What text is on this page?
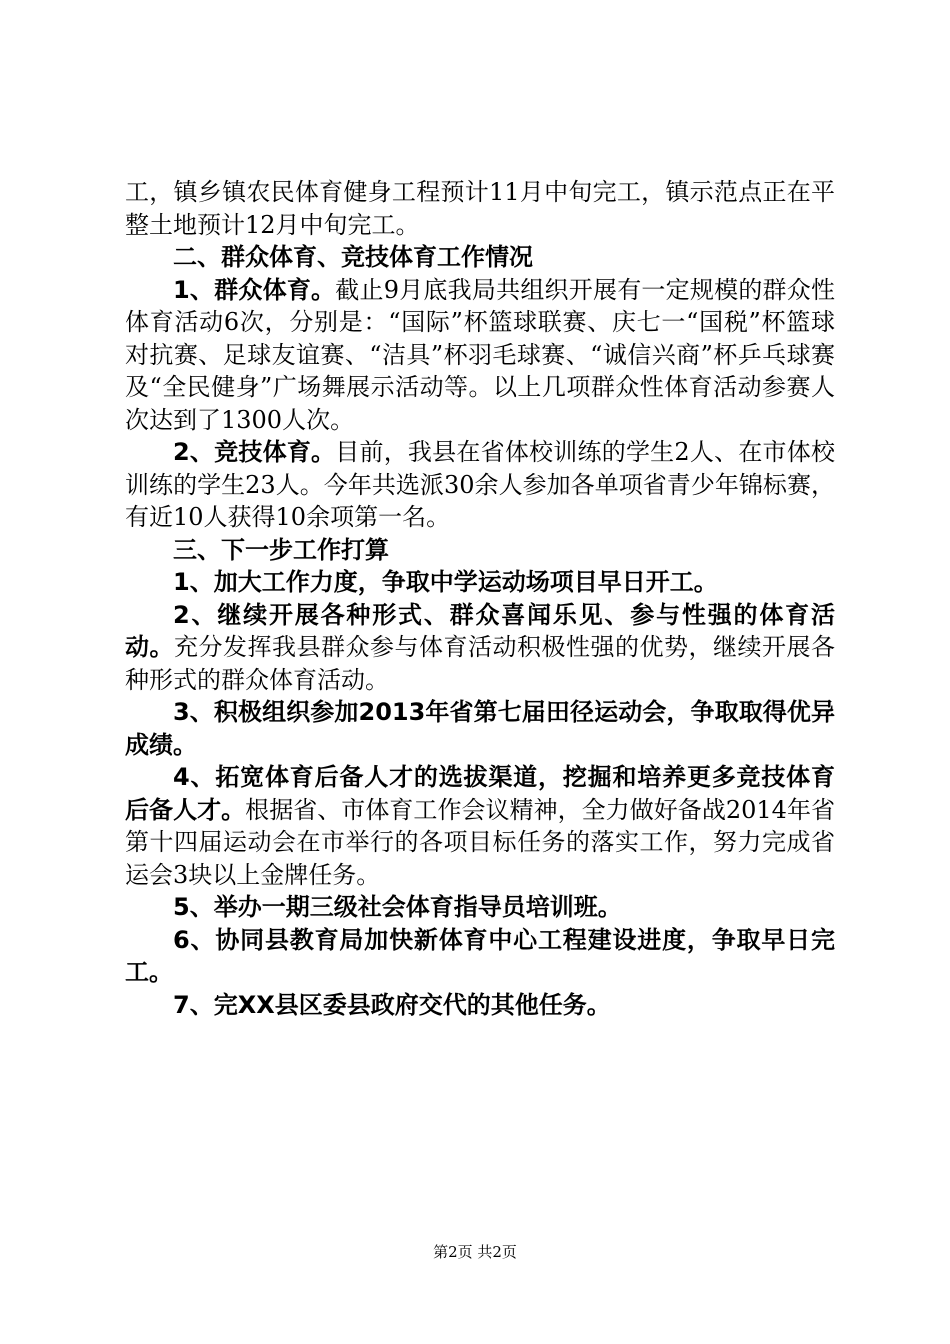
工，镇乡镇农民体育健身工程预计11月中旬完工，镇示范点正在平整土地预计12月中旬完工。

二、群众体育、竞技体育工作情况

1、群众体育。截止9月底我局共组织开展有一定规模的群众性体育活动6次，分别是：“国际”杯篮球联赛、庆七一“国税”杯篮球对抗赛、足球友谊赛、“洁具”杯羽毛球赛、“诚信兴商”杯乒乓球赛及“全民健身”广场舞展示活动等。以上几项群众性体育活动参赛人次达到了1300人次。

2、竞技体育。目前，我县在省体校训练的学生2人、在市体校训练的学生23人。今年共选派30余人参加各单项省青少年锦标赛，有近10人获得10余项第一名。

三、下一步工作打算

1、加大工作力度，争取中学运动场项目早日开工。

2、继续开展各种形式、群众喜闻乐见、参与性强的体育活动。充分发挥我县群众参与体育活动积极性强的优势，继续开展各种形式的群众体育活动。

3、积极组织参加2013年省第七届田径运动会，争取取得优异成绩。

4、拓宽体育后备人才的选拔渠道，挖掘和培养更多竞技体育后备人才。根据省、市体育工作会议精神，全力做好备战2014年省第十四届运动会在市举行的各项目标任务的落实工作，努力完成省运会3块以上金牌任务。

5、举办一期三级社会体育指导员培训班。

6、协同县教育局加快新体育中心工程建设进度，争取早日完工。

7、完XX县区委县政府交代的其他任务。

第2页 共2页
